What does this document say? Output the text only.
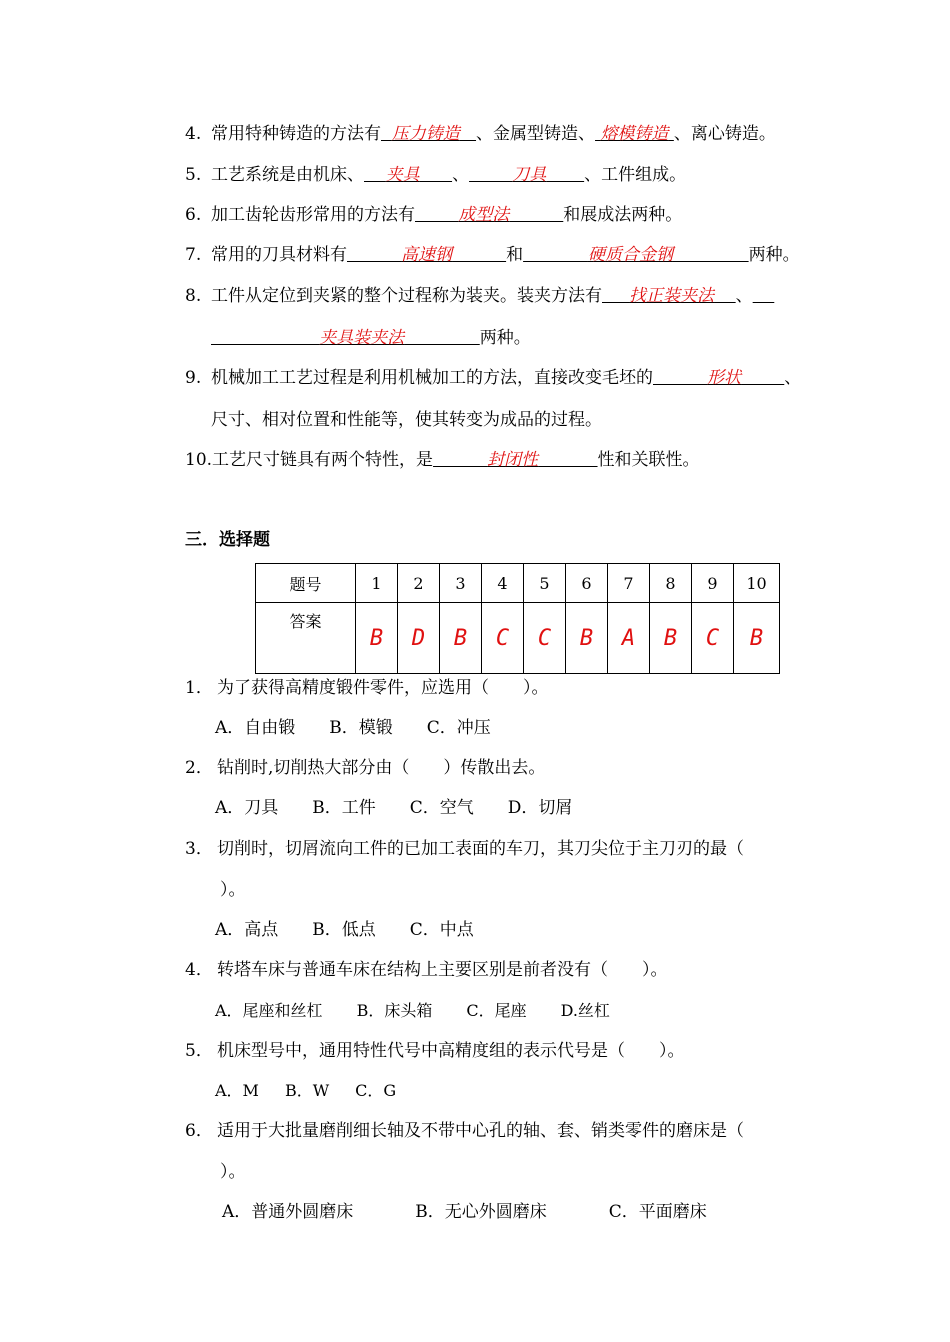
4. 常用特种铸造的方法有 压力铸造 、金属型铸造、 熔模铸造 、离心铸造。
5. 工艺系统是由机床、 夹具 、	刀具 、工件组成。
6. 加工齿轮齿形常用的方法有	成型法	和展成法两种。
7. 常用的刀具材料有	高速钢	和	硬质合金钢	两种。
8. 工件从定位到夹紧的整个过程称为装夹。装夹方法有 找正装夹法 、
夹具装夹法	两种。
9. 机械加工工艺过程是利用机械加工的方法，直接改变毛坯的	形状	、
尺寸、相对位置和性能等，使其转变为成品的过程。
10.工艺尺寸链具有两个特性，是	封闭性	性和关联性。
三．选择题
题号	1	2	3	4	5	6	7	8	9	10
答案	B	D	B	C	C	B	A	B	C	B
1． 为了获得高精度锻件零件，应选用（　　）。
A．自由锻 B．模锻 C．冲压
2． 钻削时,切削热大部分由（　　）传散出去。
A．刀具 B．工件 C．空气 D．切屑
3． 切削时，切屑流向工件的已加工表面的车刀，其刀尖位于主刀刃的最（
）。
A．高点 B．低点 C．中点
4． 转塔车床与普通车床在结构上主要区别是前者没有（　　）。
A．尾座和丝杠 B．床头箱 C．尾座 D.丝杠
5． 机床型号中，通用特性代号中高精度组的表示代号是（　　）。
A．M B．W C．G
6． 适用于大批量磨削细长轴及不带中心孔的轴、套、销类零件的磨床是（
）。
A．普通外圆磨床	B．无心外圆磨床	C．平面磨床
